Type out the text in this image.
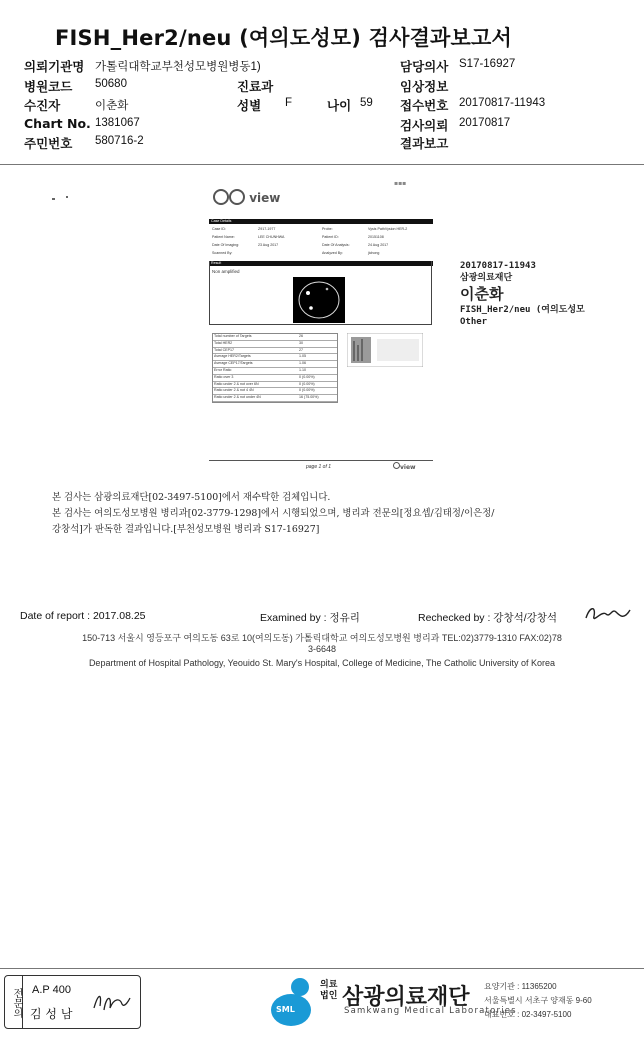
FISH_Her2/neu (여의도성모) 검사결과보고서
의뢰기관명 가톨릭대학교부천성모병원병동1)
병원코드 50680
수진자	이춘화
Chart No. 1381067
주민번호 580716-2
진료과
성별 F	나이 59
담당의사 S17-16927
임상정보
접수번호 20170817-11943
검사의뢰 20170817
결과보고
▪▪▪
view
Case Details
Case ID:	Z917-1977	Probe:	Vysis PathVysion HER-2
Patient Name:	LEE CHUNHWA	Patient ID:	20151108
Date Of Imaging:	23 Aug 2017	Date Of Analysis:	24 Aug 2017
Scanned By:	Analyzed By:	jichong
Result
Non amplified
Total number of Targets	26
Total HER2	30
Total CEP17	27
Average HER2/Targets	1.05
Average CEP17/Targets	1.06
Error Ratio	1.10
Ratio over 3	0 (0.00%)
Ratio under 2 & not over 6N	0 (0.00%)
Ratio under 2 & not 4 4N	0 (0.00%)
Ratio under 2 & not under 4N	16 (75.00%)
page 1 of 1	view
20170817-11943
삼광의료재단
이춘화
FISH_Her2/neu (여의도성모
Other
본 검사는 삼광의료재단[02-3497-5100]에서 재수탁한 검체입니다.
본 검사는 여의도성모병원 병리과[02-3779-1298]에서 시행되었으며, 병리과 전문의[정요셉/김태정/이은정/
강창석]가 판독한 결과입니다.[부천성모병원 병리과 S17-16927]
Date of report : 2017.08.25	Examined by : 정유리	Rechecked by : 강창석/강창석
150-713 서울시 영등포구 여의도동 63로 10(여의도동) 가톨릭대학교 여의도성모병원 병리과 TEL:02)3779-1310 FAX:02)78
3-6648
Department of Hospital Pathology, Yeouido St. Mary's Hospital, College of Medicine, The Catholic University of Korea
전문의 A.P 400
김 성 남	SML
의료
법인 삼광의료재단
Samkwang Medical Laboratories
요양기관 : 11365200
서울특별시 서초구 양재동 9-60
대표번호 : 02-3497-5100
